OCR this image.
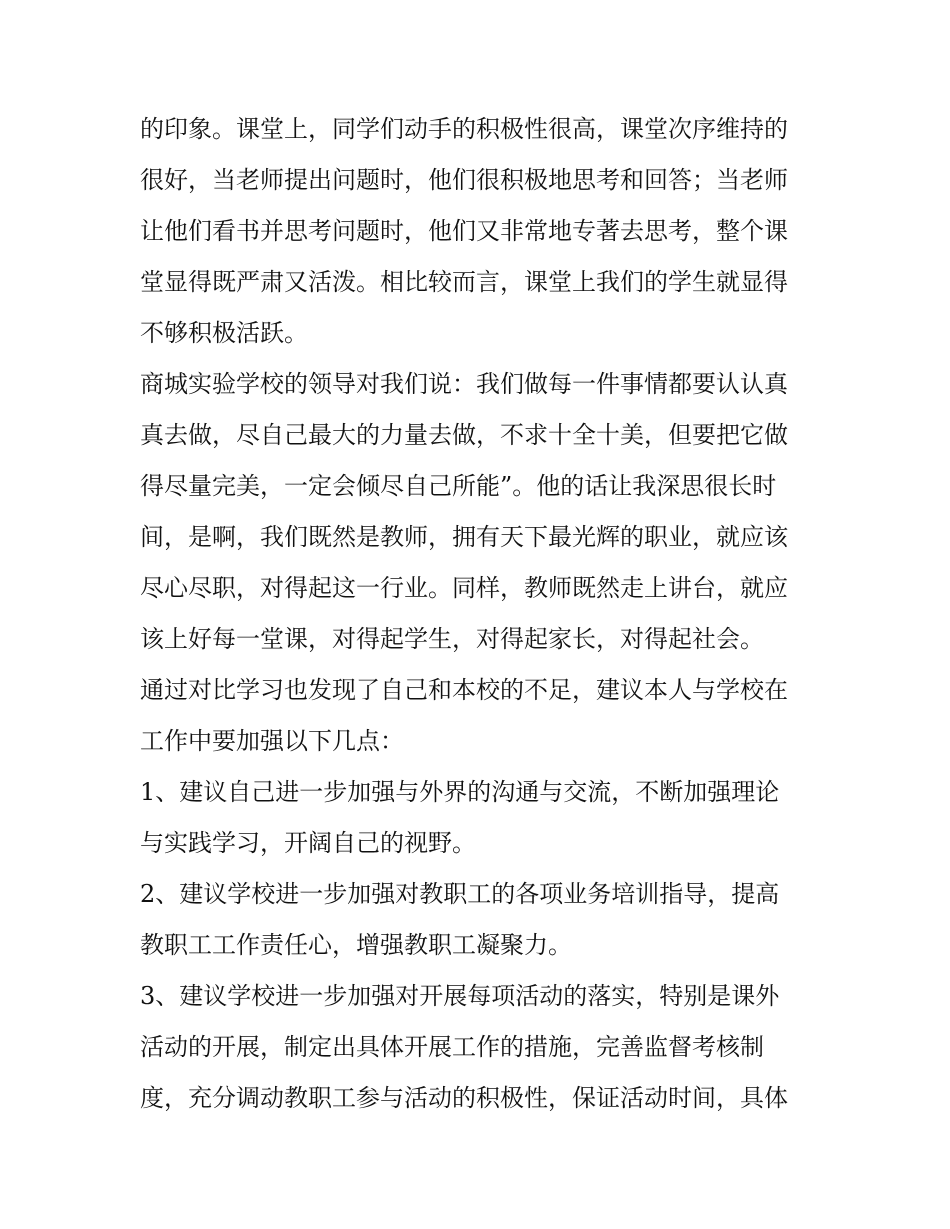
的印象。课堂上，同学们动手的积极性很高，课堂次序维持的
很好，当老师提出问题时，他们很积极地思考和回答；当老师
让他们看书并思考问题时，他们又非常地专著去思考，整个课
堂显得既严肃又活泼。相比较而言，课堂上我们的学生就显得
不够积极活跃。
商城实验学校的领导对我们说：我们做每一件事情都要认认真
真去做，尽自己最大的力量去做，不求十全十美，但要把它做
得尽量完美，一定会倾尽自己所能”。他的话让我深思很长时
间，是啊，我们既然是教师，拥有天下最光辉的职业，就应该
尽心尽职，对得起这一行业。同样，教师既然走上讲台，就应
该上好每一堂课，对得起学生，对得起家长，对得起社会。
通过对比学习也发现了自己和本校的不足，建议本人与学校在
工作中要加强以下几点：
1、建议自己进一步加强与外界的沟通与交流，不断加强理论
与实践学习，开阔自己的视野。
2、建议学校进一步加强对教职工的各项业务培训指导，提高
教职工工作责任心，增强教职工凝聚力。
3、建议学校进一步加强对开展每项活动的落实，特别是课外
活动的开展，制定出具体开展工作的措施，完善监督考核制
度，充分调动教职工参与活动的积极性，保证活动时间，具体
